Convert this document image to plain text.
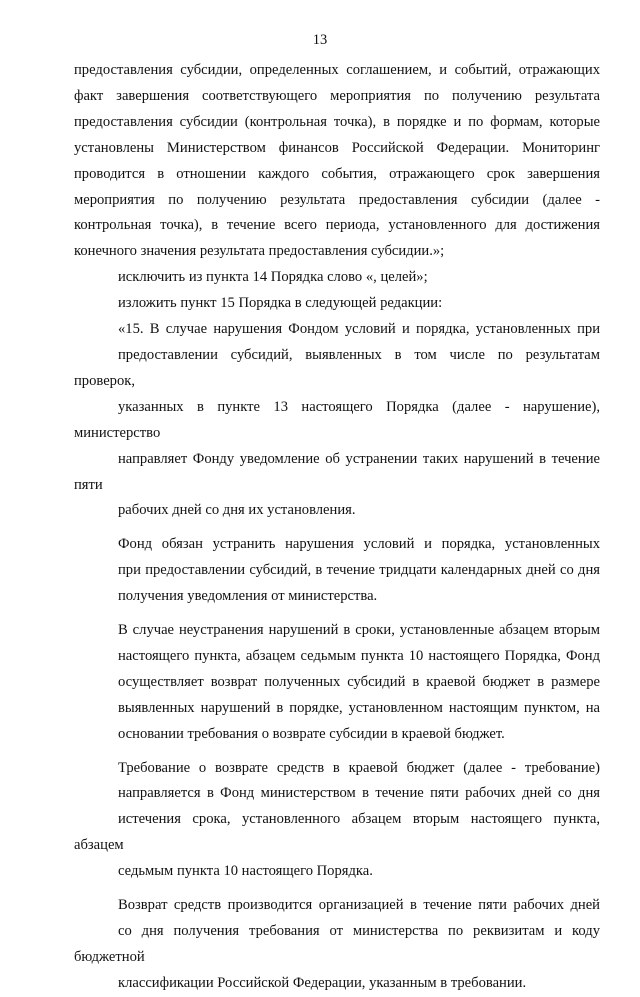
13

предоставления субсидии, определенных соглашением, и событий, отражающих
факт завершения соответствующего мероприятия по получению результата
предоставления субсидии (контрольная точка), в порядке и по формам, которые
установлены Министерством финансов Российской Федерации. Мониторинг
проводится в отношении каждого события, отражающего срок завершения
мероприятия по получению результата предоставления субсидии (далее -
контрольная точка), в течение всего периода, установленного для достижения
конечного значения результата предоставления субсидии.»;

исключить из пункта 14 Порядка слово «, целей»;

изложить пункт 15 Порядка в следующей редакции:

«15. В случае нарушения Фондом условий и порядка, установленных при
предоставлении субсидий, выявленных в том числе по результатам проверок,
указанных в пункте 13 настоящего Порядка (далее - нарушение), министерство
направляет Фонду уведомление об устранении таких нарушений в течение пяти
рабочих дней со дня их установления.

Фонд обязан устранить нарушения условий и порядка, установленных
при предоставлении субсидий, в течение тридцати календарных дней со дня
получения уведомления от министерства.

В случае неустранения нарушений в сроки, установленные абзацем вторым
настоящего пункта, абзацем седьмым пункта 10 настоящего Порядка, Фонд
осуществляет возврат полученных субсидий в краевой бюджет в размере
выявленных нарушений в порядке, установленном настоящим пунктом, на
основании требования о возврате субсидии в краевой бюджет.

Требование о возврате средств в краевой бюджет (далее - требование)
направляется в Фонд министерством в течение пяти рабочих дней со дня
истечения срока, установленного абзацем вторым настоящего пункта, абзацем
седьмым пункта 10 настоящего Порядка.

Возврат средств производится организацией в течение пяти рабочих дней
со дня получения требования от министерства по реквизитам и коду бюджетной
классификации Российской Федерации, указанным в требовании.
